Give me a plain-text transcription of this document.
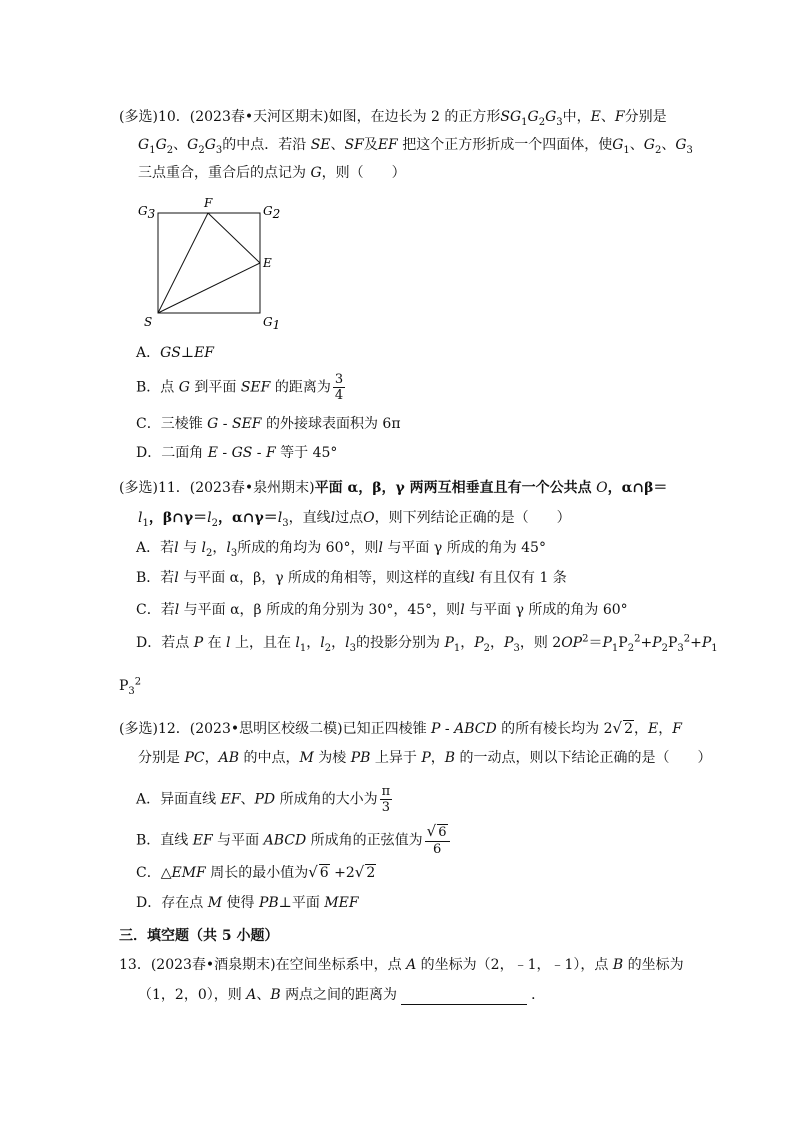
(多选)10．(2023春•天河区期末)如图，在边长为 2 的正方形$SG_1G_2G_3$中，E、F分别是
$G_1G_2$、$G_2G_3$的中点．若沿 SE、SF及EF 把这个正方形折成一个四面体，使$G_1$、$G_2$、$G_3$
三点重合，重合后的点记为 G，则（　　）
G3
F
G2
E
S	G1
A．GS⊥EF
B．点 G 到平面 SEF 的距离为 $\frac{3}{4}$
C．三棱锥 G - SEF 的外接球表面积为 6π
D．二面角 E - GS - F 等于 45°
(多选)11．(2023春•泉州期末)平面 α，β，γ 两两互相垂直且有一个公共点 O，α∩β＝
$l_1$，$\beta\cap\gamma=l_2$，$\alpha\cap\gamma=l_3$，直线l过点O，则下列结论正确的是（　　）
A．若l 与 $l_2$，$l_3$所成的角均为 60°，则l 与平面 γ 所成的角为 45°
B．若l 与平面 α，β，γ 所成的角相等，则这样的直线l 有且仅有 1 条
C．若l 与平面 α，β 所成的角分别为 30°，45°，则l 与平面 γ 所成的角为 60°
D．若点 P 在 l 上，且在 $l_1$，$l_2$，$l_3$的投影分别为 $P_1$，$P_2$，$P_3$，则 $2OP^2=P_1P_2^2+P_2P_3^2+P_1$
$P_3^2$
(多选)12．(2023•思明区校级二模)已知正四棱锥 P - ABCD 的所有棱长均为 2√ 2，E，F
分别是 PC，AB 的中点，M 为棱 PB 上异于 P，B 的一动点，则以下结论正确的是（　　）
A．异面直线 EF、PD 所成角的大小为 $\frac{\pi}{3}$
B．直线 EF 与平面 ABCD 所成角的正弦值为 $\frac{√ 6}{6}$
C．△EMF 周长的最小值为√ 6 +2√ 2
D．存在点 M 使得 PB⊥平面 MEF
三．填空题（共 5 小题）
13．(2023春•酒泉期末)在空间坐标系中，点 A 的坐标为（2，﹣1，﹣1），点 B 的坐标为
（1，2，0），则 A、B 两点之间的距离为	．
